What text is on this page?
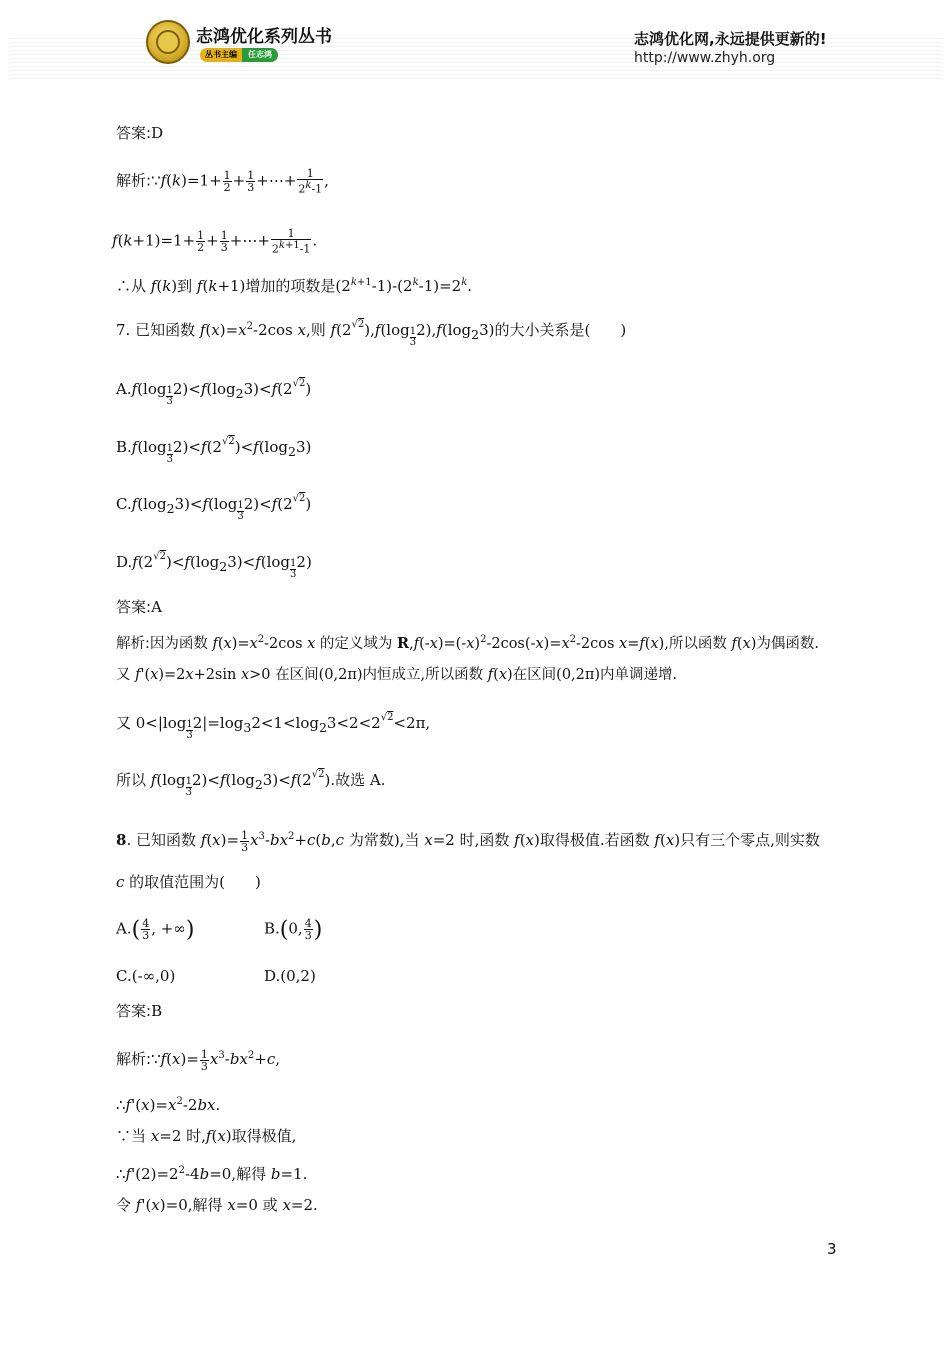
志鸿优化系列丛书
丛书主编	任志鸿
志鸿优化网,永远提供更新的!
http://www.zhyh.org
答案:D
解析:∵f(k)=1+ $\frac{1}{2} + \frac{1}{3}$ +⋯+ $\frac{1}{2^k-1}$ ,
$f(k+1)=1+ \frac{1}{2} + \frac{1}{3}$ +⋯+ $\frac{1}{2^{k+1}-1}$ .
∴从 f(k)到 f(k+1)增加的项数是$(2^{k+1}-1)-(2^k-1)=2^k$.
7. 已知函数 $f(x)=x^2-2\cos$ x,则 $f(2^{√2}),f(\log \frac{1}{3}2),f(\log_23)$的大小关系是(　　)
$A.f(\log \frac{1}{3}2)<f(\log_23)<f(2^{√2})$
$B.f(\log \frac{1}{3}2)<f(2^{√2})<f(\log_23)$
$C.f(\log_23)<f(\log \frac{1}{3}2)<f(2^{√2})$
$D.f(2^{√2})<f(\log_23)<f(\log \frac{1}{3}2)$
答案:A
解析:因为函数 $f(x)=x^2-2\cos$ x 的定义域为 $R,f(-x)=(-x)^2-2\cos(-x)=x^2-2\cos$ x=f(x),所以函数 f(x)为偶函数.
又 f'(x)=2x+2sin x>0 在区间(0,2π)内恒成立,所以函数 f(x)在区间(0,2π)内单调递增.
又 $0<|\log \frac{1}{3}2|=\log_32<1<\log_23<2<2^{√2}<2\pi$,
所以 $f(\log \frac{1}{3}2)<f(\log_23)<f(2^{√2})$.故选 A.
8. 已知函数 $f(x)= \frac{1}{3} x^3-bx^2+c(b,c$ 为常数),当 x=2 时,函数 f(x)取得极值.若函数 f(x)只有三个零点,则实数
c 的取值范围为(　　)
$A.( \frac{4}{3}$ , +∞)	B.(0, $\frac{4}{3}$ )
C.(-∞,0)	D.(0,2)
答案:B
解析:∵f(x)= $\frac{1}{3} x^3-bx^2+c$,
$\therefore f'(x)=x^2-2bx$.
∵当 x=2 时,f(x)取得极值,
$\therefore f'(2)=2^2-4b=0$,解得 b=1.
令 f'(x)=0,解得 x=0 或 x=2.
3
